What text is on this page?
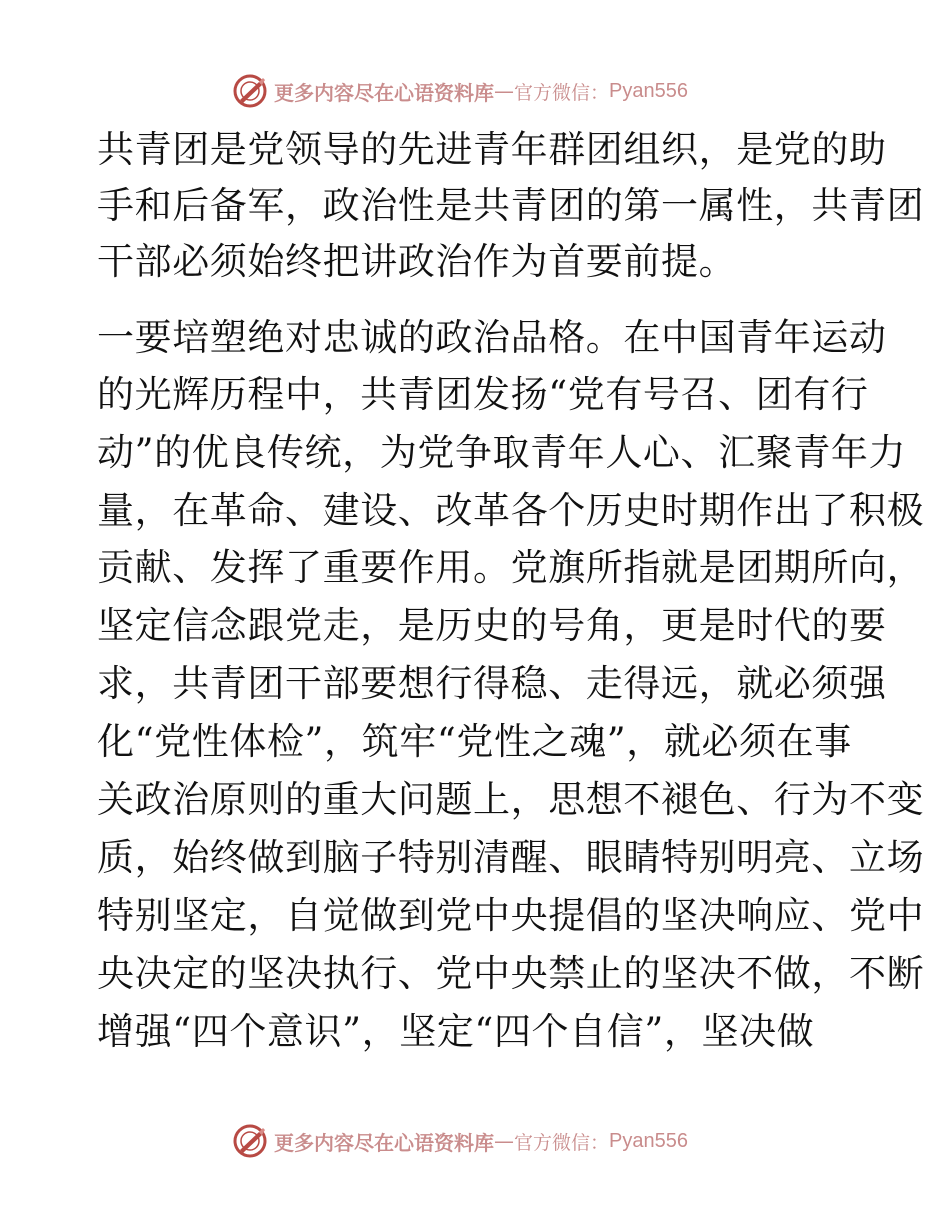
更多内容尽在心语资料库 — 官方微信： Pyan556
共青团是党领导的先进青年群团组织，是党的助
手和后备军，政治性是共青团的第一属性，共青团
干部必须始终把讲政治作为首要前提。
一要培塑绝对忠诚的政治品格。在中国青年运动
的光辉历程中，共青团发扬“党有号召、团有行
动”的优良传统，为党争取青年人心、汇聚青年力
量，在革命、建设、改革各个历史时期作出了积极
贡献、发挥了重要作用。党旗所指就是团期所向，
坚定信念跟党走，是历史的号角，更是时代的要
求，共青团干部要想行得稳、走得远，就必须强
化“党性体检”，筑牢“党性之魂”，就必须在事
关政治原则的重大问题上，思想不褪色、行为不变
质，始终做到脑子特别清醒、眼睛特别明亮、立场
特别坚定，自觉做到党中央提倡的坚决响应、党中
央决定的坚决执行、党中央禁止的坚决不做，不断
增强“四个意识”，坚定“四个自信”，坚决做
更多内容尽在心语资料库 — 官方微信： Pyan556
